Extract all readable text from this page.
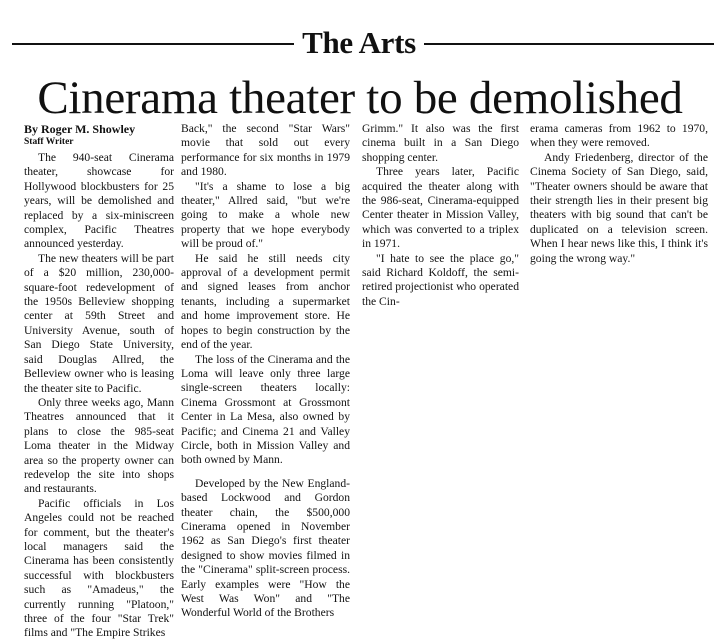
The Arts
Cinerama theater to be demolished
By Roger M. Showley
Staff Writer

The 940-seat Cinerama theater, showcase for Hollywood blockbusters for 25 years, will be demolished and replaced by a six-miniscreen complex, Pacific Theatres announced yesterday.

The new theaters will be part of a $20 million, 230,000-square-foot redevelopment of the 1950s Belleview shopping center at 59th Street and University Avenue, south of San Diego State University, said Douglas Allred, the Belleview owner who is leasing the theater site to Pacific.

Only three weeks ago, Mann Theatres announced that it plans to close the 985-seat Loma theater in the Midway area so the property owner can redevelop the site into shops and restaurants.

Pacific officials in Los Angeles could not be reached for comment, but the theater's local managers said the Cinerama has been consistently successful with blockbusters such as "Amadeus," the currently running "Platoon," three of the four "Star Trek" films and "The Empire Strikes

Back," the second "Star Wars" movie that sold out every performance for six months in 1979 and 1980.

"It's a shame to lose a big theater," Allred said, "but we're going to make a whole new property that we hope everybody will be proud of."

He said he still needs city approval of a development permit and signed leases from anchor tenants, including a supermarket and home improvement store. He hopes to begin construction by the end of the year.

The loss of the Cinerama and the Loma will leave only three large single-screen theaters locally: Cinema Grossmont at Grossmont Center in La Mesa, also owned by Pacific; and Cinema 21 and Valley Circle, both in Mission Valley and both owned by Mann.

Developed by the New England-based Lockwood and Gordon theater chain, the $500,000 Cinerama opened in November 1962 as San Diego's first theater designed to show movies filmed in the "Cinerama" split-screen process. Early examples were "How the West Was Won" and "The Wonderful World of the Brothers

Grimm." It also was the first cinema built in a San Diego shopping center.

Three years later, Pacific acquired the theater along with the 986-seat, Cinerama-equipped Center theater in Mission Valley, which was converted to a triplex in 1971.

"I hate to see the place go," said Richard Koldoff, the semi-retired projectionist who operated the Cin-

erama cameras from 1962 to 1970, when they were removed.

Andy Friedenberg, director of the Cinema Society of San Diego, said, "Theater owners should be aware that their strength lies in their present big theaters with big sound that can't be duplicated on a television screen. When I hear news like this, I think it's going the wrong way."
